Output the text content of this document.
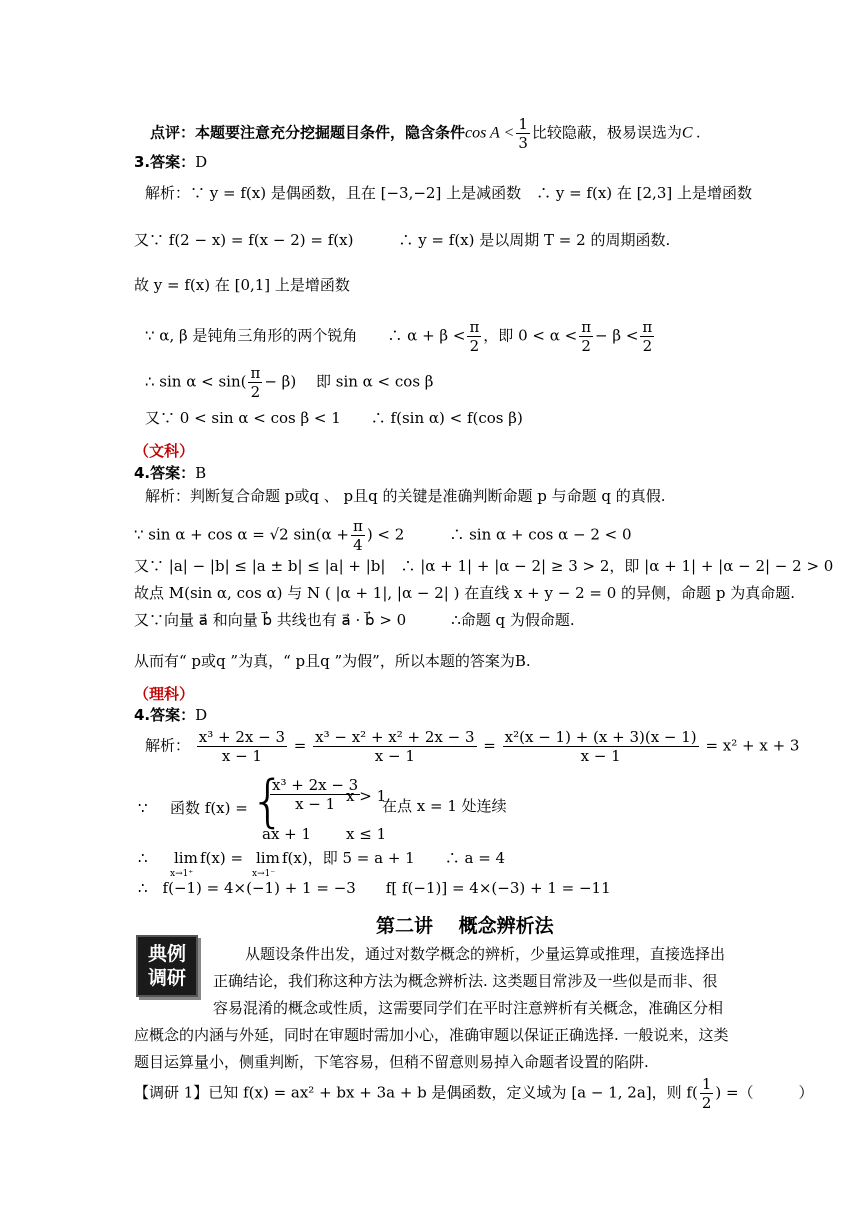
点评：本题要注意充分挖掘题目条件，隐含条件$\cos A < \frac{1}{3}$ 比较隐蔽，极易误选为C .
3.答案：D
解析：∵ y = f(x) 是偶函数，且在 [−3,−2] 上是减函数　∴ y = f(x) 在 [2,3] 上是增函数
又∵ f(2 − x) = f(x − 2) = f(x)　　　∴ y = f(x) 是以周期 T = 2 的周期函数.
故 y = f(x) 在 [0,1] 上是增函数
∵ α, β 是钝角三角形的两个锐角　　∴ $\alpha + \beta < \frac{\pi}{2}$ ，即 $0 < \alpha < \frac{\pi}{2} - \beta < \frac{\pi}{2}$
∴ $\sin \alpha < \sin( \frac{\pi}{2} - \beta)$　 即 sin α < cos β
又∵ 0 < sin α < cos β < 1　　∴ f(sin α) < f(cos β)
（文科）
4.答案：B
解析：判断复合命题 p或q 、 p且q 的关键是准确判断命题 p 与命题 q 的真假.
∵ sin α + cos α = √2 $\sin(\alpha + \frac{\pi}{4}$ ) < 2　　　∴ sin α + cos α − 2 < 0
又∵ |a| − |b| ≤ |a ± b| ≤ |a| + |b|　∴ |α + 1| + |α − 2| ≥ 3 > 2，即 |α + 1| + |α − 2| − 2 > 0
故点 M(sin α, cos α) 与 N ( |α + 1|, |α − 2| ) 在直线 x + y − 2 = 0 的异侧，命题 p 为真命题.
又∵向量 a⃗ 和向量 b⃗ 共线也有 a⃗ · b⃗ > 0　　　∴命题 q 为假命题.
从而有“ p或q ”为真，“ p且q ”为假”，所以本题的答案为B.
（理科）
4.答案：D
解析： $\frac{\text{x³ + 2x − 3}}{x - 1} = \frac{\text{x³ − x² + x² + 2x − 3}}{x - 1} = \frac{\text{x²(x − 1) + (x + 3)(x − 1)}}{x - 1} = x^2 + x + 3$
∵ 函数 f(x) = {
$\frac{\text{x³ + 2x − 3}}{x - 1}$
x > 1
ax + 1 x ≤ 1
在点 x = 1 处连续
∴ lim
x→1⁺
f(x) = lim
x→1⁻
f(x)，即 5 = a + 1　　∴ a = 4
∴　f(−1) = 4×(−1) + 1 = −3　　f[ f(−1)] = 4×(−3) + 1 = −11
第二讲　 概念辨析法
典例
调研
从题设条件出发，通过对数学概念的辨析，少量运算或推理，直接选择出
正确结论，我们称这种方法为概念辨析法. 这类题目常涉及一些似是而非、很
容易混淆的概念或性质，这需要同学们在平时注意辨析有关概念，准确区分相
应概念的内涵与外延，同时在审题时需加小心，准确审题以保证正确选择. 一般说来，这类
题目运算量小，侧重判断，下笔容易，但稍不留意则易掉入命题者设置的陷阱.
【调研 1】已知 f(x) = ax² + bx + 3a + b 是偶函数，定义域为 [a − 1, 2a]，则 $f( \frac{1}{2}$ ) =（　　　）
